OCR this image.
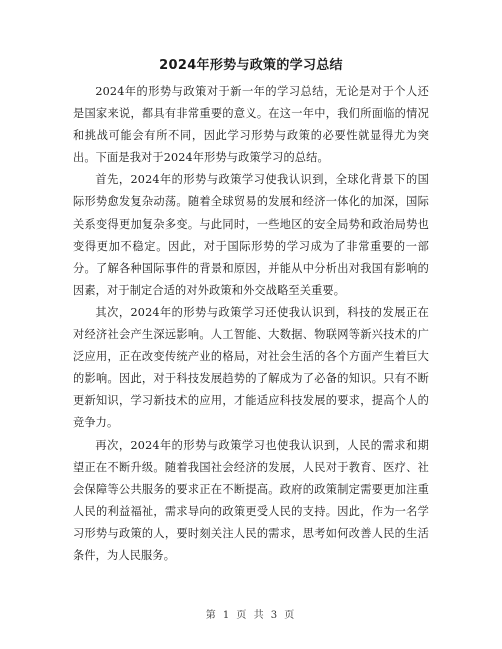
2024年形势与政策的学习总结

2024年的形势与政策对于新一年的学习总结，无论是对于个人还是国家来说，都具有非常重要的意义。在这一年中，我们所面临的情况和挑战可能会有所不同，因此学习形势与政策的必要性就显得尤为突出。下面是我对于2024年形势与政策学习的总结。

首先，2024年的形势与政策学习使我认识到，全球化背景下的国际形势愈发复杂动荡。随着全球贸易的发展和经济一体化的加深，国际关系变得更加复杂多变。与此同时，一些地区的安全局势和政治局势也变得更加不稳定。因此，对于国际形势的学习成为了非常重要的一部分。了解各种国际事件的背景和原因，并能从中分析出对我国有影响的因素，对于制定合适的对外政策和外交战略至关重要。

其次，2024年的形势与政策学习还使我认识到，科技的发展正在对经济社会产生深远影响。人工智能、大数据、物联网等新兴技术的广泛应用，正在改变传统产业的格局，对社会生活的各个方面产生着巨大的影响。因此，对于科技发展趋势的了解成为了必备的知识。只有不断更新知识，学习新技术的应用，才能适应科技发展的要求，提高个人的竞争力。

再次，2024年的形势与政策学习也使我认识到，人民的需求和期望正在不断升级。随着我国社会经济的发展，人民对于教育、医疗、社会保障等公共服务的要求正在不断提高。政府的政策制定需要更加注重人民的利益福祉，需求导向的政策更受人民的支持。因此，作为一名学习形势与政策的人，要时刻关注人民的需求，思考如何改善人民的生活条件，为人民服务。

第 1 页 共 3 页
